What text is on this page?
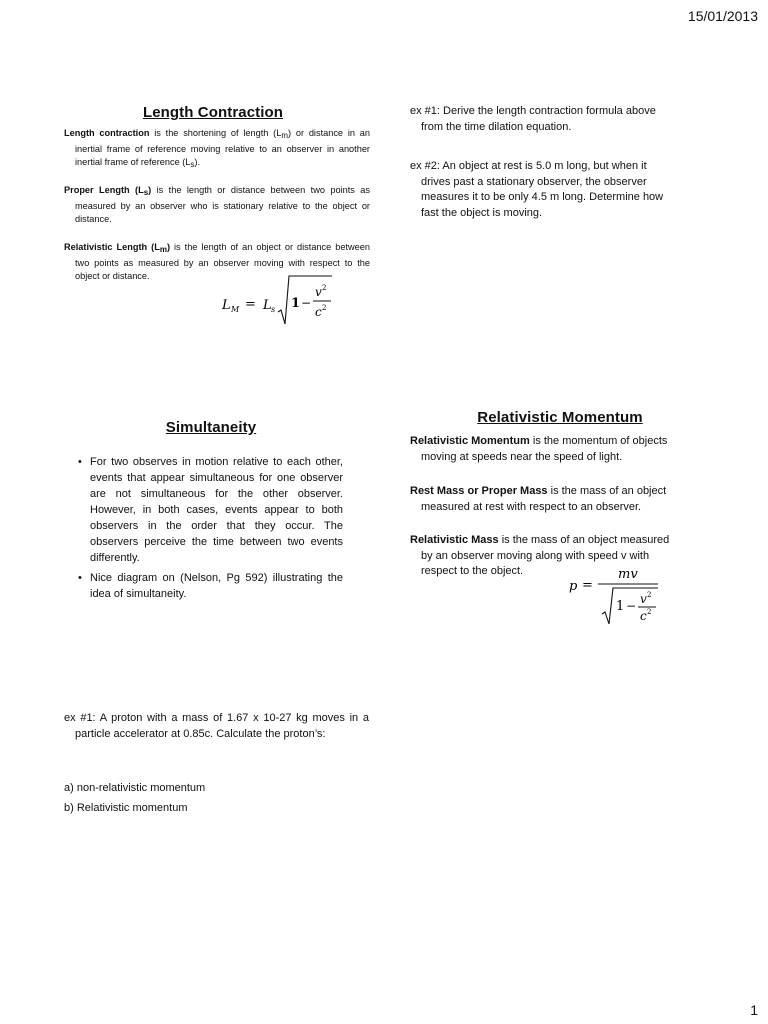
15/01/2013
Length Contraction
Length contraction is the shortening of length (Lm) or distance in an inertial frame of reference moving relative to an observer in another inertial frame of reference (Ls).
Proper Length (Ls) is the length or distance between two points as measured by an observer who is stationary relative to the object or distance.
Relativistic Length (Lm) is the length of an object or distance between two points as measured by an observer moving with respect to the object or distance.
L M = L s 1 −
v 2
c 2
ex #1: Derive the length contraction formula above
from the time dilation equation.
ex #2: An object at rest is 5.0 m long, but when it
drives past a stationary observer, the observer
measures it to be only 4.5 m long. Determine how
fast the object is moving.
Simultaneity
• For two observes in motion relative to each other, events that appear simultaneous for one observer are not simultaneous for the other observer. However, in both cases, events appear to both observers in the order that they occur. The observers perceive the time between two events differently.
• Nice diagram on (Nelson, Pg 592) illustrating the idea of simultaneity.
Relativistic Momentum
Relativistic Momentum is the momentum of objects
moving at speeds near the speed of light.
Rest Mass or Proper Mass is the mass of an object
measured at rest with respect to an observer.
Relativistic Mass is the mass of an object measured
by an observer moving along with speed v with
respect to the object.
p =
mv
1 − v 2
c 2
ex #1: A proton with a mass of 1.67 x 10-27 kg moves in a particle accelerator at 0.85c. Calculate the proton’s:
a) non-relativistic momentum
b) Relativistic momentum
1
